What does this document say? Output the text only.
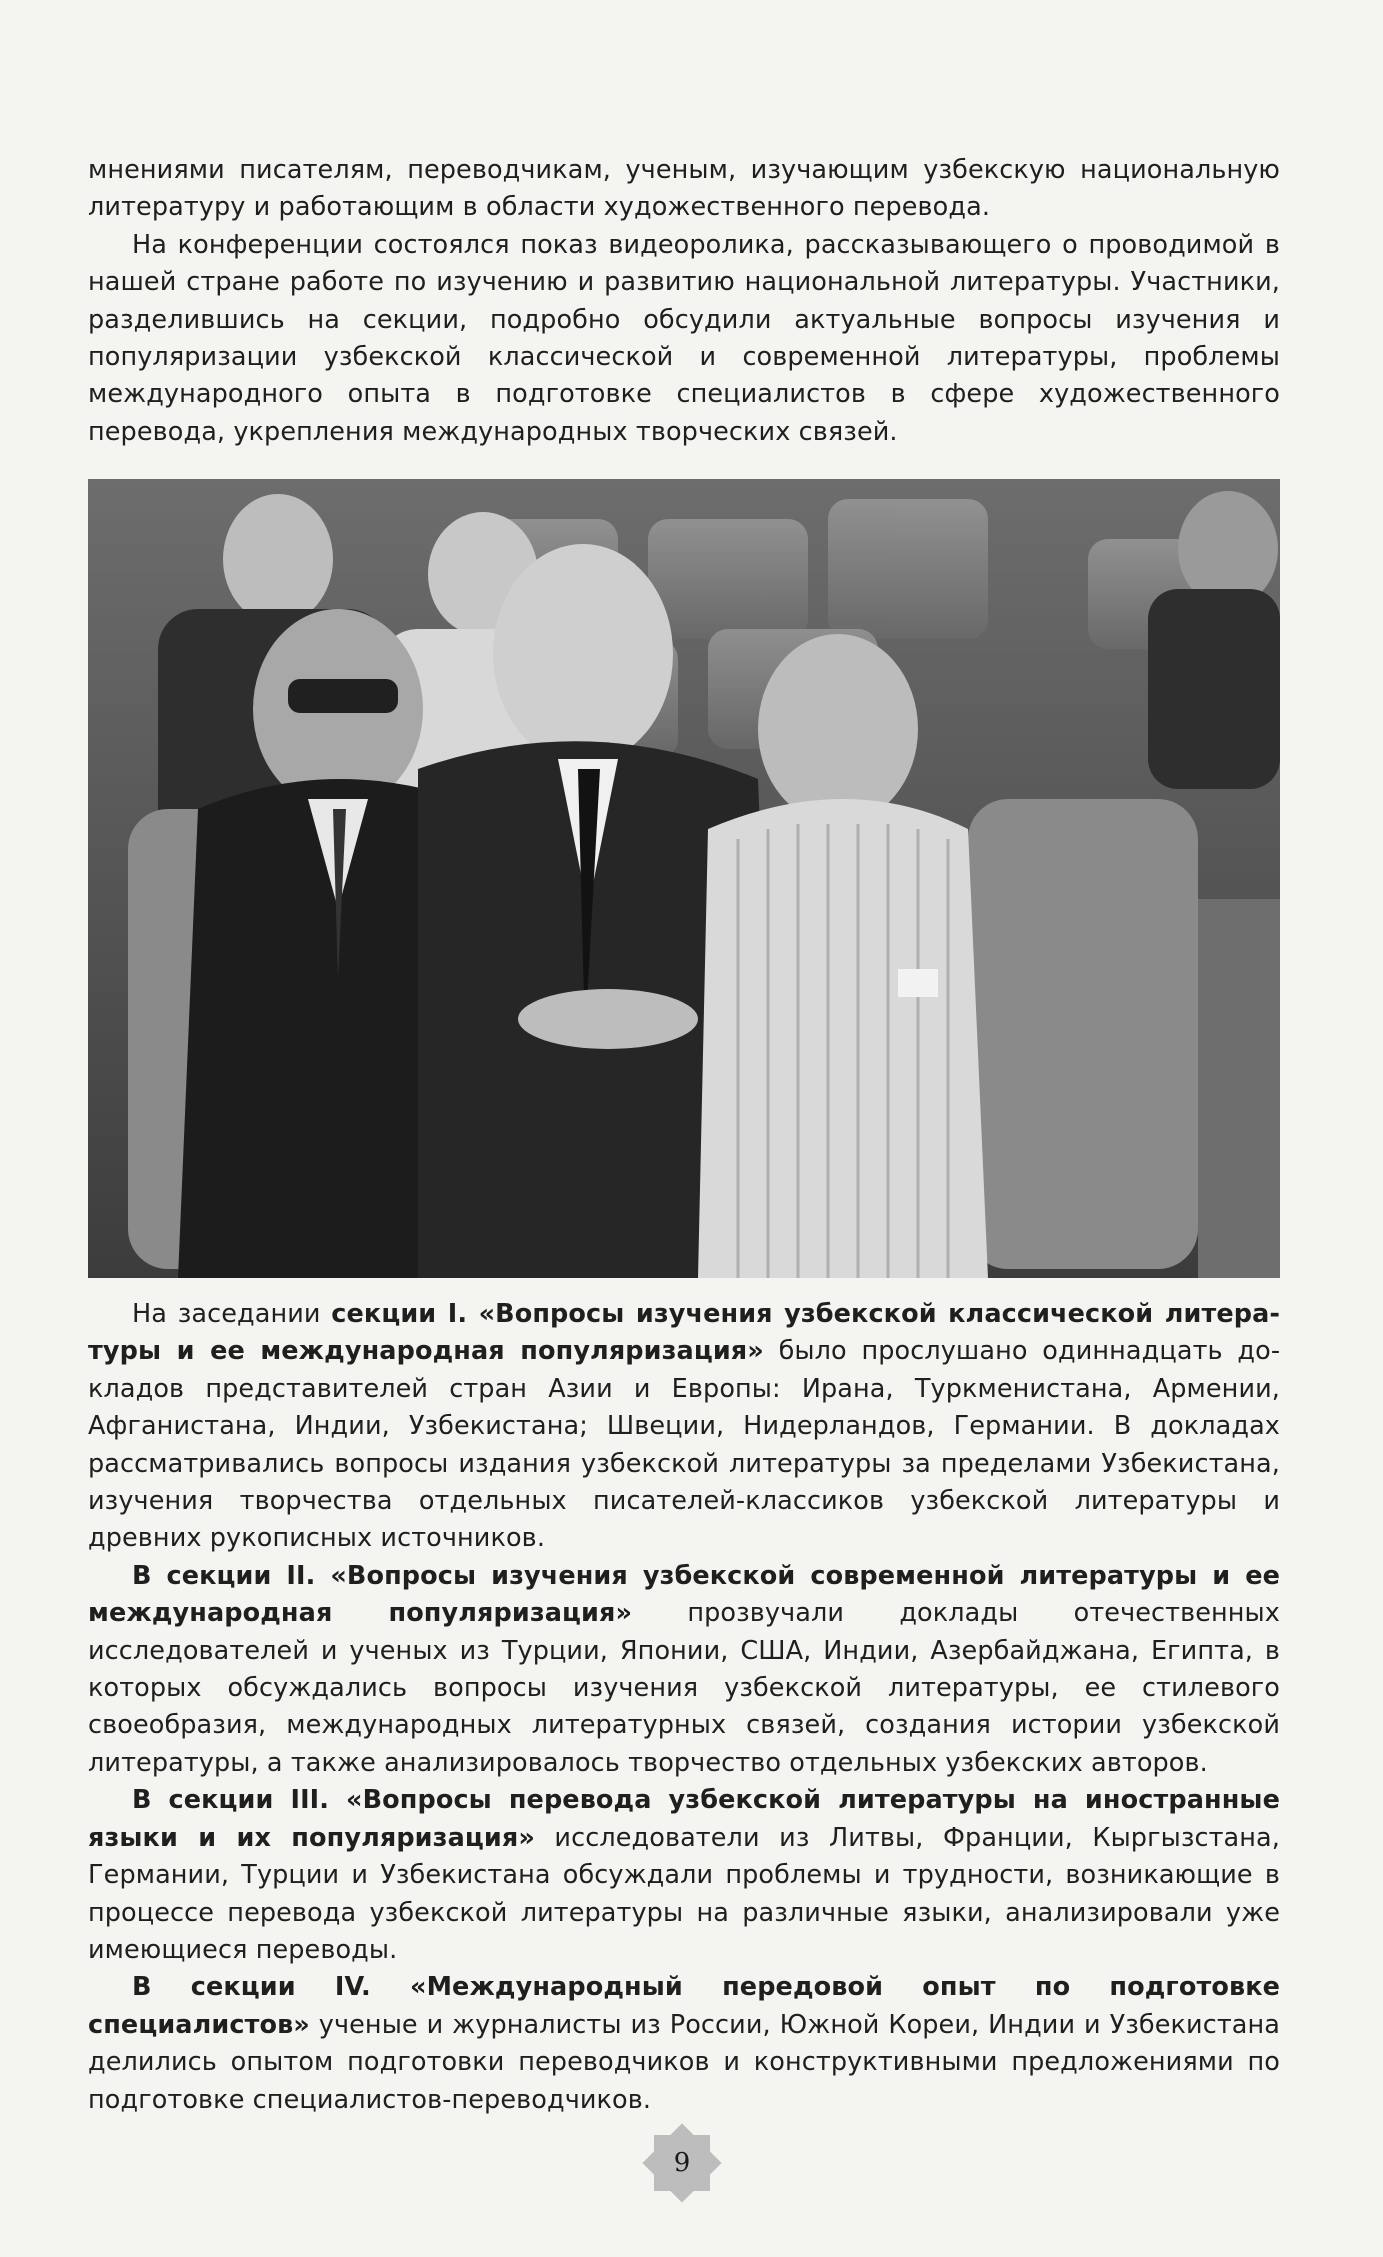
мнениями писателям, переводчикам, ученым, изучающим узбекскую национальную литературу и работающим в области художественного перевода.

На конференции состоялся показ видеоролика, рассказывающего о проводимой в нашей стране работе по изучению и развитию национальной литературы. Участники, разделившись на секции, подробно обсудили актуальные вопросы изучения и популяризации узбекской классической и современной литературы, проблемы международного опыта в подготовке специалистов в сфере художественного перевода, укрепления международных творческих связей.

На заседании секции I. «Вопросы изучения узбекской классической литературы и ее международная популяризация» было прослушано одиннадцать докладов представителей стран Азии и Европы: Ирана, Туркменистана, Армении, Афганистана, Индии, Узбекистана; Швеции, Нидерландов, Германии. В докладах рассматривались вопросы издания узбекской литературы за пределами Узбекистана, изучения творчества отдельных писателей-классиков узбекской литературы и древних рукописных источников.

В секции II. «Вопросы изучения узбекской современной литературы и ее международная популяризация» прозвучали доклады отечественных исследователей и ученых из Турции, Японии, США, Индии, Азербайджана, Египта, в которых обсуждались вопросы изучения узбекской литературы, ее стилевого своеобразия, международных литературных связей, создания истории узбекской литературы, а также анализировалось творчество отдельных узбекских авторов.

В секции III. «Вопросы перевода узбекской литературы на иностранные языки и их популяризация» исследователи из Литвы, Франции, Кыргызстана, Германии, Турции и Узбекистана обсуждали проблемы и трудности, возникающие в процессе перевода узбекской литературы на различные языки, анализировали уже имеющиеся переводы.

В секции IV. «Международный передовой опыт по подготовке специалистов» ученые и журналисты из России, Южной Кореи, Индии и Узбекистана делились опытом подготовки переводчиков и конструктивными предложениями по подготовке специалистов-переводчиков.

9
